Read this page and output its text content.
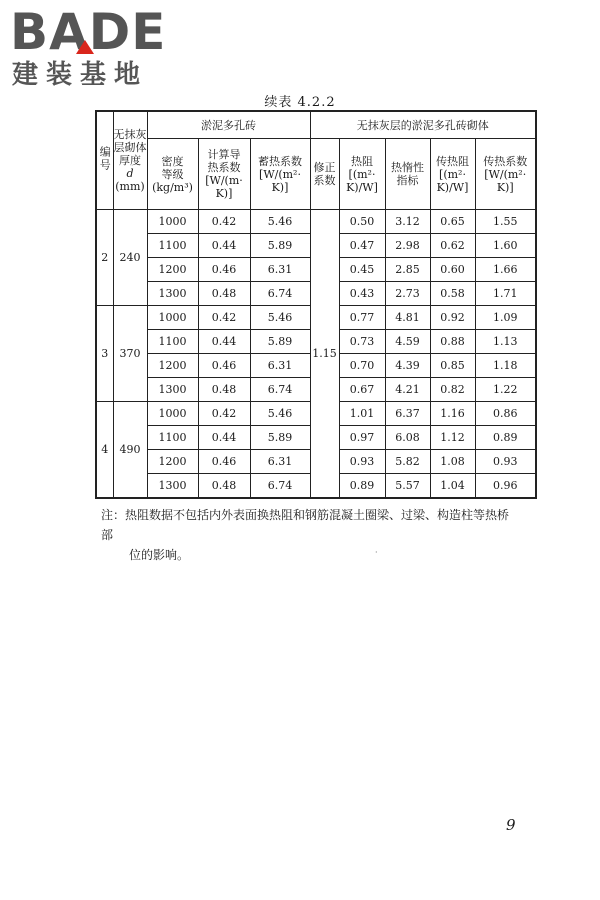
BADE
建装基地
续表 4.2.2
编号	无抹灰
层砌体
厚度
d
(mm)	淤泥多孔砖			无抹灰层的淤泥多孔砖砌体				
		密度
等级
(kg/m³)	计算导
热系数
[W/(m·
K)]	蓄热系数
[W/(m²·
K)]	修正
系数	热阻
[(m²·
K)/W]	热惰性
指标	传热阻
[(m²·
K)/W]	传热系数
[W/(m²·
K)]
2	240	1000	0.42	5.46	1.15	0.50	3.12	0.65	1.55
		1100	0.44	5.89		0.47	2.98	0.62	1.60
		1200	0.46	6.31		0.45	2.85	0.60	1.66
		1300	0.48	6.74		0.43	2.73	0.58	1.71
3	370	1000	0.42	5.46		0.77	4.81	0.92	1.09
		1100	0.44	5.89		0.73	4.59	0.88	1.13
		1200	0.46	6.31		0.70	4.39	0.85	1.18
		1300	0.48	6.74		0.67	4.21	0.82	1.22
4	490	1000	0.42	5.46		1.01	6.37	1.16	0.86
		1100	0.44	5.89		0.97	6.08	1.12	0.89
		1200	0.46	6.31		0.93	5.82	1.08	0.93
		1300	0.48	6.74		0.89	5.57	1.04	0.96
注：热阻数据不包括内外表面换热阻和钢筋混凝土圈梁、过梁、构造柱等热桥部
位的影响。	·
9
